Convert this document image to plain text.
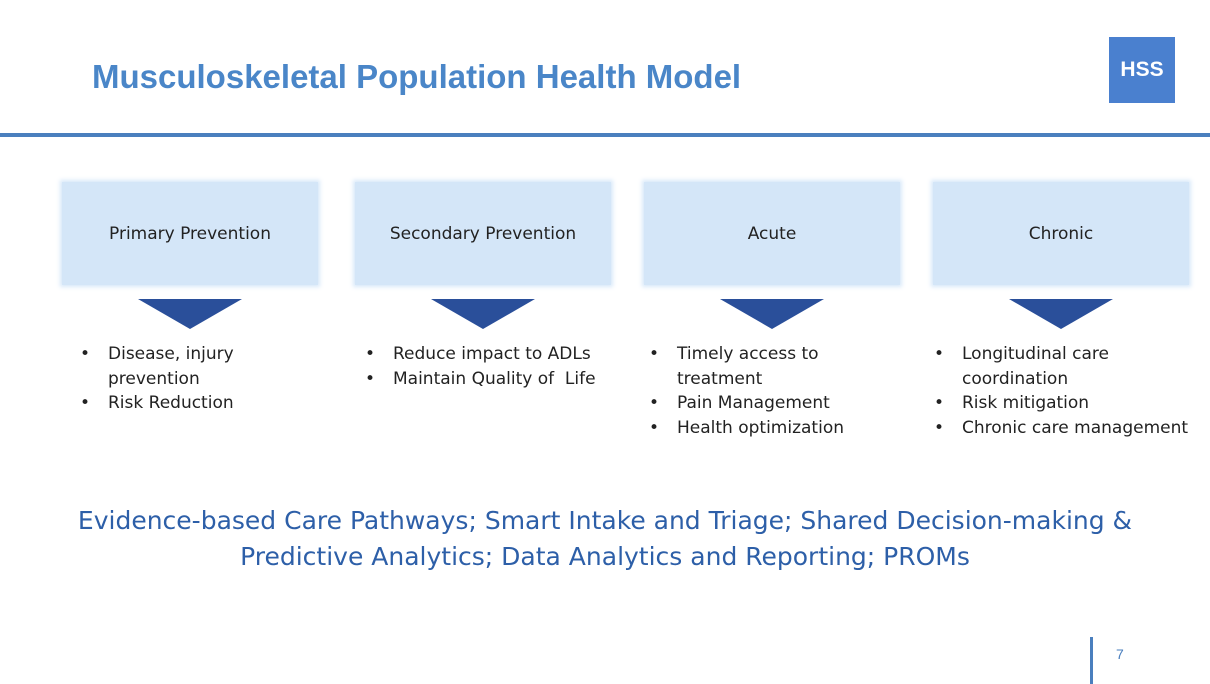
Musculoskeletal Population Health Model	HSS
Primary Prevention
• Disease, injury prevention
• Risk Reduction
Secondary Prevention
• Reduce impact to ADLs
• Maintain Quality of  Life
Acute
• Timely access to treatment
• Pain Management
• Health optimization
Chronic
• Longitudinal care coordination
• Risk mitigation
• Chronic care management

Evidence-based Care Pathways; Smart Intake and Triage; Shared Decision-making &
Predictive Analytics; Data Analytics and Reporting; PROMs

7
